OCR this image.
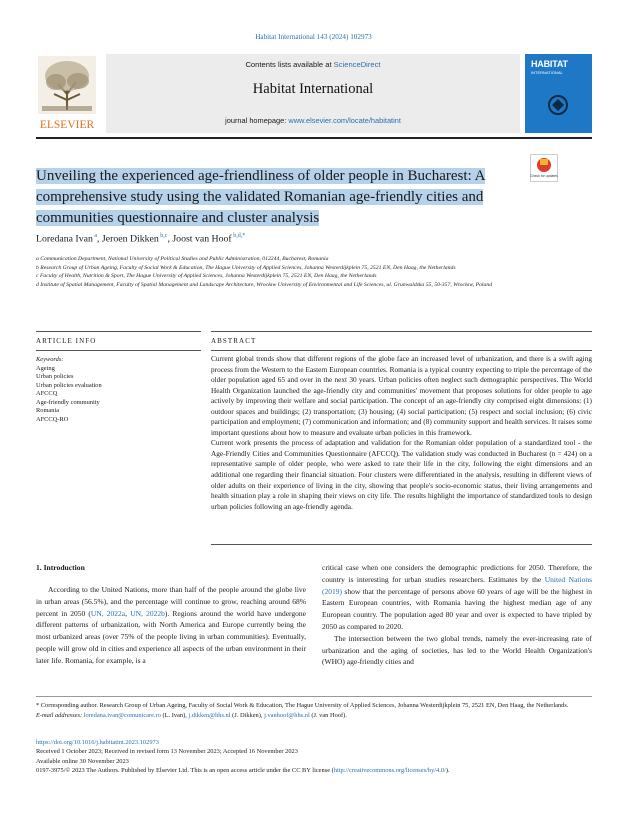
Habitat International 143 (2024) 102973
ELSEVIER
Contents lists available at ScienceDirect
Habitat International
journal homepage: www.elsevier.com/locate/habitatint
HABITAT
INTERNATIONAL
Check for updates
Unveiling the experienced age-friendliness of older people in Bucharest: A comprehensive study using the validated Romanian age-friendly cities and communities questionnaire and cluster analysis
Loredana Ivan $^a$, Jeroen Dikken $^{b,c}$, Joost van Hoof $^{b,d,*}$

a Communication Department, National University of Political Studies and Public Administration, 012244, Bucharest, Romania

b Research Group of Urban Ageing, Faculty of Social Work & Education, The Hague University of Applied Sciences, Johanna Westerdijkplein 75, 2521 EN, Den Haag, the Netherlands

c Faculty of Health, Nutrition & Sport, The Hague University of Applied Sciences, Johanna Westerdijkplein 75, 2521 EN, Den Haag, the Netherlands

d Institute of Spatial Management, Faculty of Spatial Management and Landscape Architecture, Wrocław University of Environmental and Life Sciences, ul. Grunwaldzka 55, 50-357, Wrocław, Poland

ARTICLE INFO	ABSTRACT
Keywords:
Ageing
Urban policies
Urban policies evaluation
AFCCQ
Age-friendly community
Romania
AFCCQ-RO

Current global trends show that different regions of the globe face an increased level of urbanization, and there is a swift aging process from the Western to the Eastern European countries. Romania is a typical country expecting to triple the percentage of the older population aged 65 and over in the next 30 years. Urban policies often neglect such demographic perspectives. The World Health Organization launched the age-friendly city and communities' movement that proposes solutions for older people to age actively by improving their welfare and social participation. The concept of an age-friendly city comprised eight dimensions: (1) outdoor spaces and buildings; (2) transportation; (3) housing; (4) social participation; (5) respect and social inclusion; (6) civic participation and employment; (7) communication and information; and (8) community support and health services. It raises some important questions about how to measure and evaluate urban policies in this framework.

Current work presents the process of adaptation and validation for the Romanian older population of a standardized tool - the Age-Friendly Cities and Communities Questionnaire (AFCCQ). The validation study was conducted in Bucharest (n = 424) on a representative sample of older people, who were asked to rate their life in the city, following the eight dimensions and an additional one regarding their financial situation. Four clusters were differentiated in the analysis, resulting in different views of older adults on their experience of living in the city, showing that people's socio-economic status, their living arrangements and health situation play a role in shaping their views on city life. The results highlight the importance of standardized tools to design urban policies following an age-friendly agenda.

1. Introduction

According to the United Nations, more than half of the people around the globe live in urban areas (56.5%), and the percentage will continue to grow, reaching around 68% percent in 2050 (UN, 2022a, UN, 2022b). Regions around the world have undergone different patterns of urbanization, with North America and Europe currently being the most urbanized areas (over 75% of the people living in urban communities). Eventually, people will grow old in cities and experience all aspects of the urban environment in their later life. Romania, for example, is a

critical case when one considers the demographic predictions for 2050. Therefore, the country is interesting for urban studies researchers. Estimates by the United Nations (2019) show that the percentage of persons above 60 years of age will be the highest in Eastern European countries, with Romania having the highest median age of any European country. The population aged 80 year and over is expected to have tripled by 2050 as compared to 2020.

The intersection between the two global trends, namely the ever-increasing rate of urbanization and the aging of societies, has led to the World Health Organization's (WHO) age-friendly cities and

* Corresponding author. Research Group of Urban Ageing, Faculty of Social Work & Education, The Hague University of Applied Sciences, Johanna Westerdijkplein 75, 2521 EN, Den Haag, the Netherlands.

E-mail addresses: loredana.ivan@comunicare.ro (L. Ivan), j.dikken@hhs.nl (J. Dikken), j.vanhoof@hhs.nl (J. van Hoof).

https://doi.org/10.1016/j.habitatint.2023.102973

Received 1 October 2023; Received in revised form 13 November 2023; Accepted 16 November 2023

Available online 30 November 2023

0197-3975/© 2023 The Authors. Published by Elsevier Ltd. This is an open access article under the CC BY license (http://creativecommons.org/licenses/by/4.0/).
